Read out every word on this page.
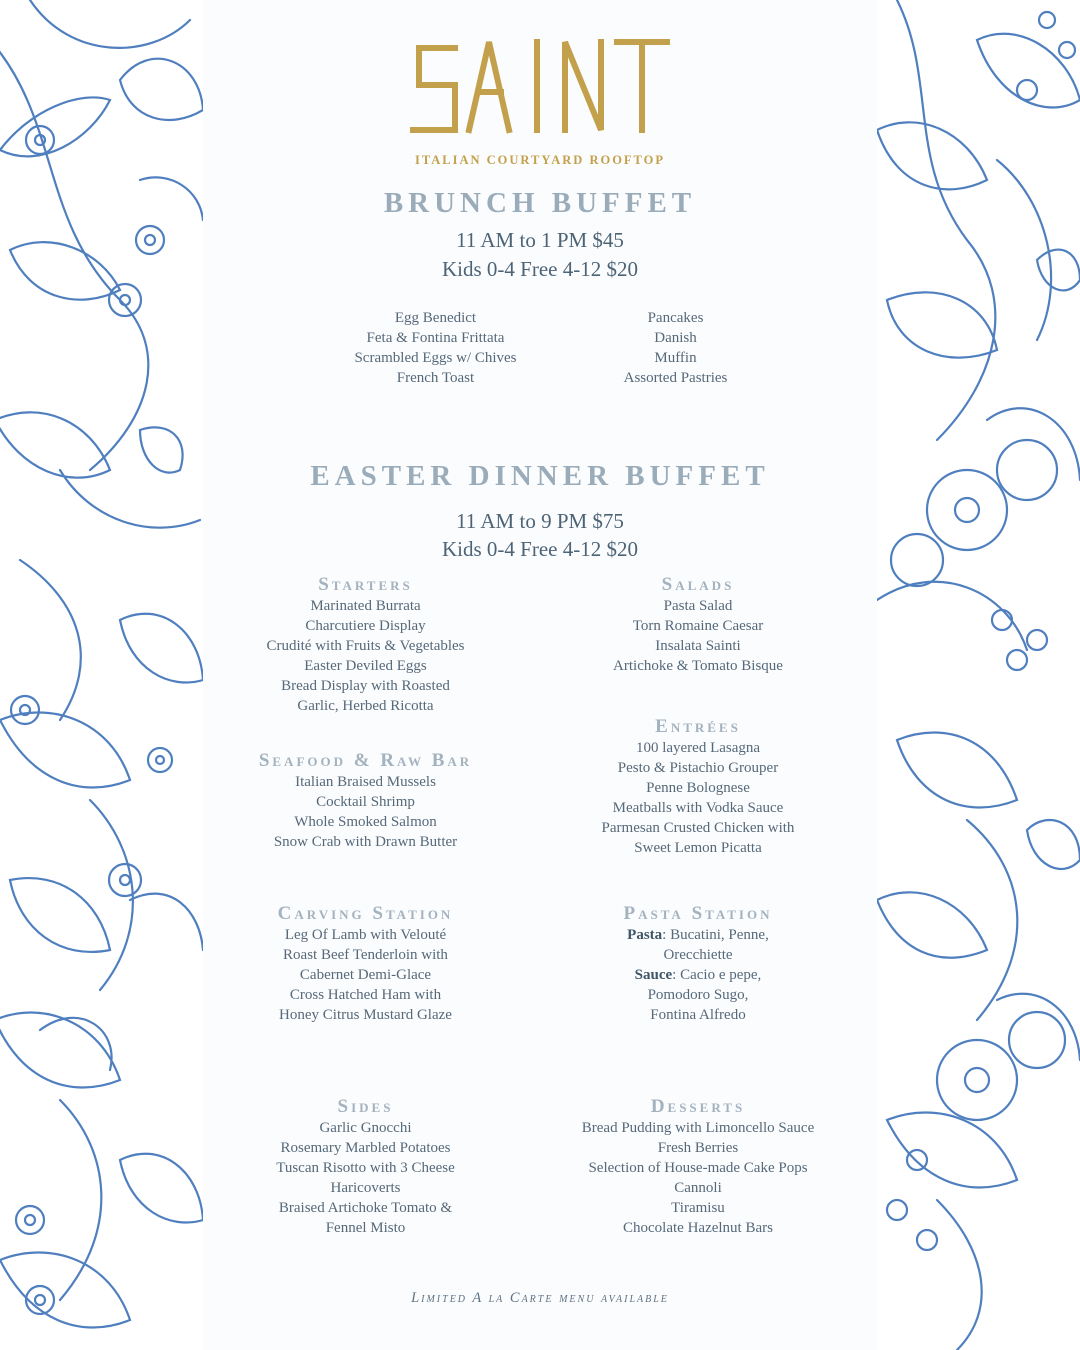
ITALIAN COURTYARD ROOFTOP
BRUNCH BUFFET
11 AM to 1 PM $45
Kids 0-4 Free 4-12 $20
Egg Benedict
Feta & Fontina Frittata
Scrambled Eggs w/ Chives
French Toast
Pancakes
Danish
Muffin
Assorted Pastries
EASTER DINNER BUFFET
11 AM to 9 PM $75
Kids 0-4 Free 4-12 $20
Starters
Marinated Burrata
Charcutiere Display
Crudité with Fruits & Vegetables
Easter Deviled Eggs
Bread Display with Roasted
Garlic, Herbed Ricotta
Salads
Pasta Salad
Torn Romaine Caesar
Insalata Sainti
Artichoke & Tomato Bisque
Entrées
100 layered Lasagna
Pesto & Pistachio Grouper
Penne Bolognese
Meatballs with Vodka Sauce
Parmesan Crusted Chicken with
Sweet Lemon Picatta
Seafood & Raw Bar
Italian Braised Mussels
Cocktail Shrimp
Whole Smoked Salmon
Snow Crab with Drawn Butter
Carving Station
Leg Of Lamb with Velouté
Roast Beef Tenderloin with
Cabernet Demi-Glace
Cross Hatched Ham with
Honey Citrus Mustard Glaze
Pasta Station
Pasta: Bucatini, Penne,
Orecchiette
Sauce: Cacio e pepe,
Pomodoro Sugo,
Fontina Alfredo
Sides
Garlic Gnocchi
Rosemary Marbled Potatoes
Tuscan Risotto with 3 Cheese
Haricoverts
Braised Artichoke Tomato &
Fennel Misto
Desserts
Bread Pudding with Limoncello Sauce
Fresh Berries
Selection of House-made Cake Pops
Cannoli
Tiramisu
Chocolate Hazelnut Bars
Limited A la Carte menu available
